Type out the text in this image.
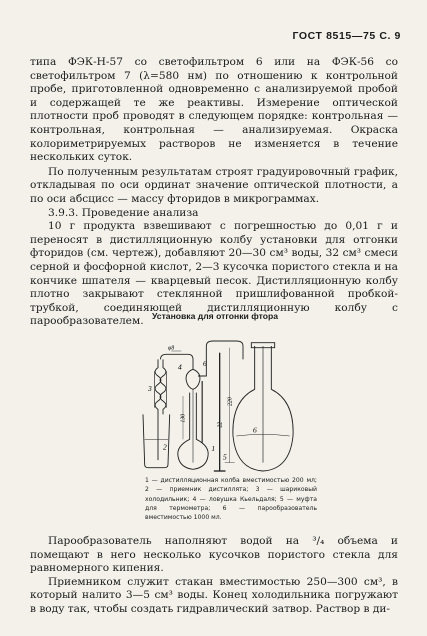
ГОСТ 8515—75 С. 9

типа ФЭК-Н-57 со светофильтром 6 или на ФЭК-56 со светофильтром 7 (λ=580 нм) по отношению к контрольной пробе, приготовленной одновременно с анализируемой пробой и содержащей те же реактивы. Измерение оптической плотности проб проводят в следующем порядке: контрольная — контрольная, контрольная — анализируемая. Окраска колориметрируемых растворов не изменяется в течение нескольких суток.

По полученным результатам строят градуировочный график, откладывая по оси ординат значение оптической плотности, а по оси абсцисс — массу фторидов в микрограммах.

3.9.3. Проведение анализа

10 г продукта взвешивают с погрешностью до 0,01 г и переносят в дистилляционную колбу установки для отгонки фторидов (см. чертеж), добавляют 20—30 см³ воды, 32 см³ смеси серной и фосфорной кислот, 2—3 кусочка пористого стекла и на кончике шпателя — кварцевый песок. Дистилляционную колбу плотно закрывают стеклянной пришлифованной пробкой-трубкой, соединяющей дистилляционную колбу с парообразователем. Установка для отгонки фтора
2
3
4 6
1
5
6
φ8
130
220
22
1 — дистилляционная колба вместимостью 200 мл; 2 — приемник дистиллята; 3 — шариковый холодильник; 4 — ловушка Кьельдаля; 5 — муфта для термометра; 6 — парообразователь вместимостью 1000 мл.

Парообразователь наполняют водой на ³/₄ объема и помещают в него несколько кусочков пористого стекла для равномерного кипения.

Приемником служит стакан вместимостью 250—300 см³, в который налито 3—5 см³ воды. Конец холодильника погружают в воду так, чтобы создать гидравлический затвор. Раствор в ди-
